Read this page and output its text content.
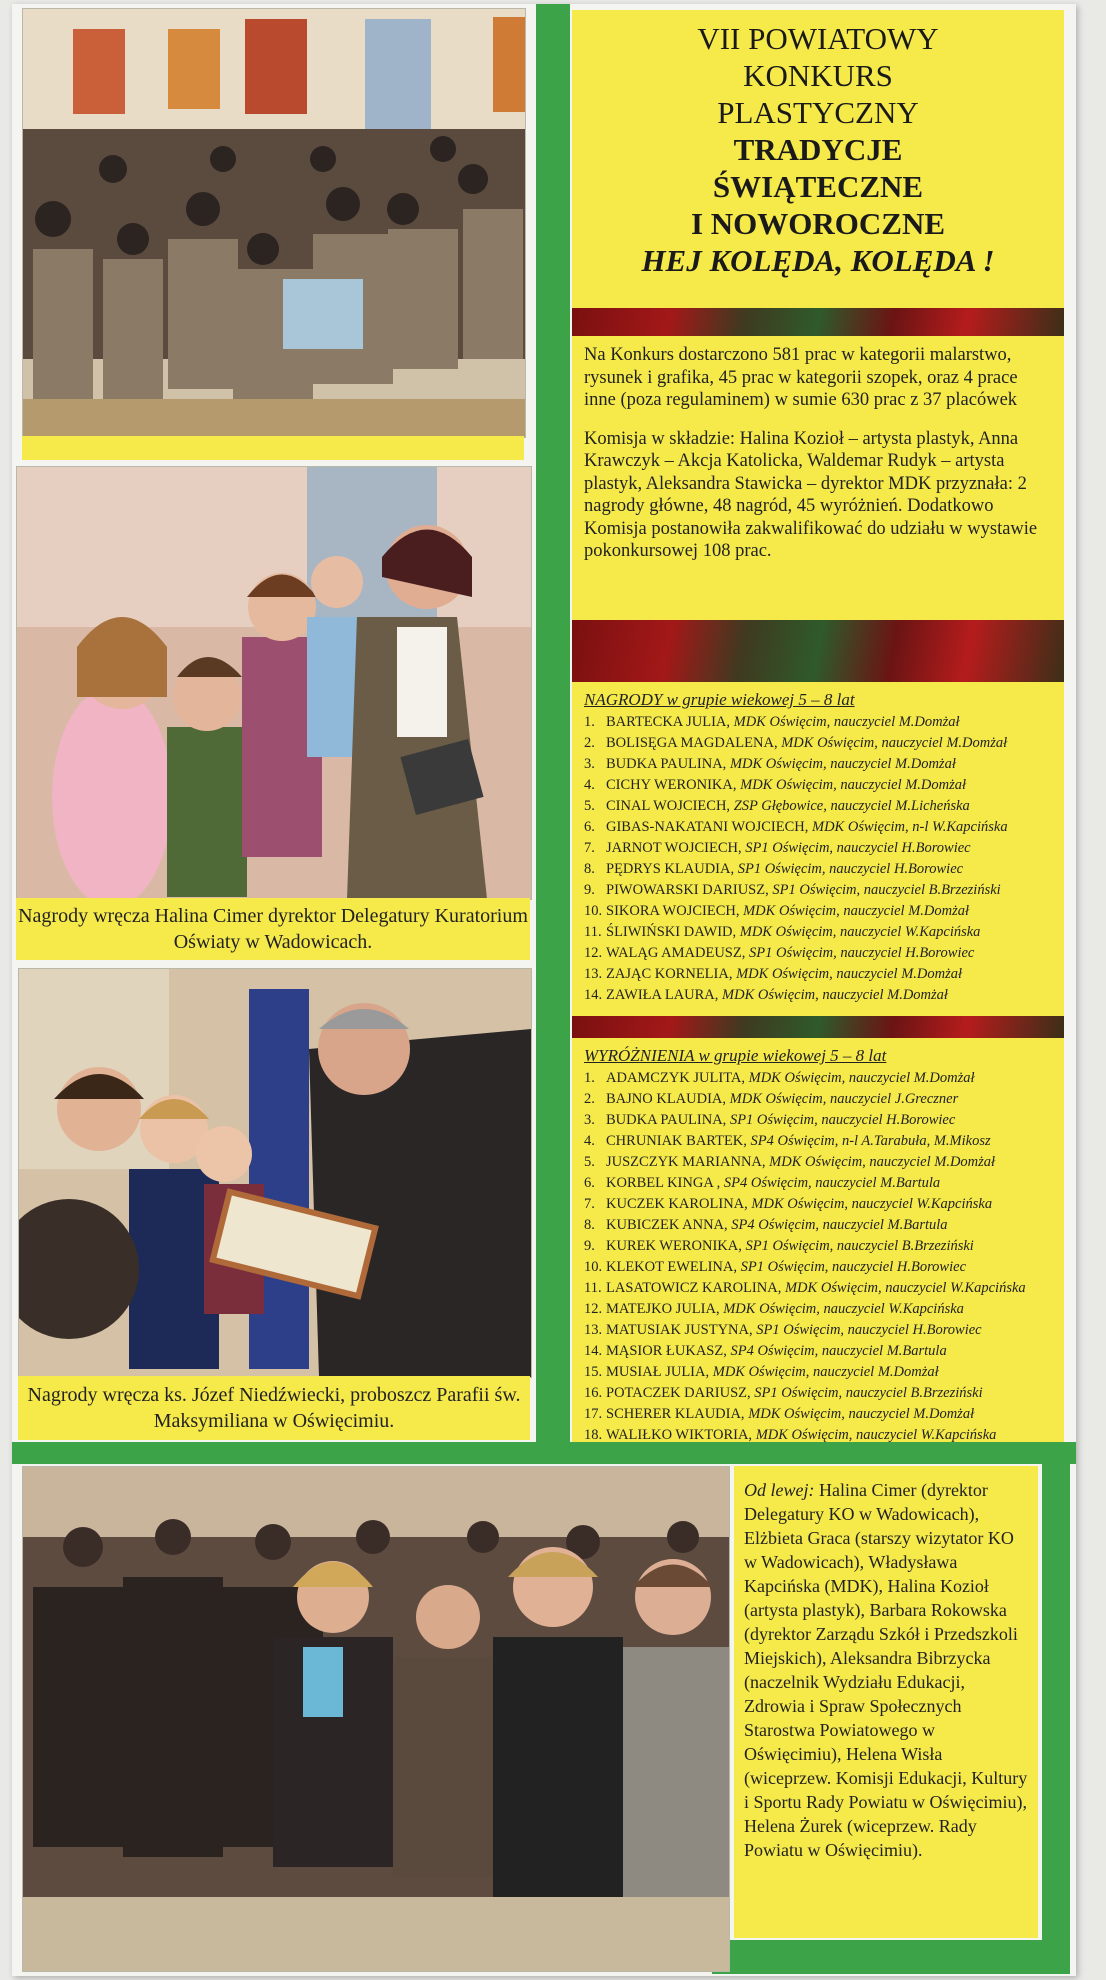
Nagrody wręcza Halina Cimer dyrektor Delegatury Kuratorium Oświaty w Wadowicach.
Nagrody wręcza ks. Józef Niedźwiecki, proboszcz Parafii św. Maksymiliana w Oświęcimiu.
VII POWIATOWY
KONKURS
PLASTYCZNY
TRADYCJE
ŚWIĄTECZNE
I NOWOROCZNE
HEJ KOLĘDA, KOLĘDA !

Na Konkurs dostarczono 581 prac w kategorii malarstwo, rysunek i grafika, 45 prac w kategorii szopek, oraz 4 prace inne (poza regulaminem) w sumie 630 prac z 37 placówek

Komisja w składzie: Halina Kozioł – artysta plastyk, Anna Krawczyk – Akcja Katolicka, Waldemar Rudyk – artysta plastyk, Aleksandra Stawicka – dyrektor MDK przyznała: 2 nagrody główne, 48 nagród, 45 wyróżnień. Dodatkowo Komisja postanowiła zakwalifikować do udziału w wystawie pokonkursowej 108 prac.

NAGRODY w grupie wiekowej 5 – 8 lat
1. BARTECKA JULIA, MDK Oświęcim, nauczyciel M.Domżał
2. BOLISĘGA MAGDALENA, MDK Oświęcim, nauczyciel M.Domżał
3. BUDKA PAULINA, MDK Oświęcim, nauczyciel M.Domżał
4. CICHY WERONIKA, MDK Oświęcim, nauczyciel M.Domżał
5. CINAL WOJCIECH, ZSP Głębowice, nauczyciel M.Licheńska
6. GIBAS-NAKATANI WOJCIECH, MDK Oświęcim, n-l W.Kapcińska
7. JARNOT WOJCIECH, SP1 Oświęcim, nauczyciel H.Borowiec
8. PĘDRYS KLAUDIA, SP1 Oświęcim, nauczyciel H.Borowiec
9. PIWOWARSKI DARIUSZ, SP1 Oświęcim, nauczyciel B.Brzeziński
10. SIKORA WOJCIECH, MDK Oświęcim, nauczyciel M.Domżał
11. ŚLIWIŃSKI DAWID, MDK Oświęcim, nauczyciel W.Kapcińska
12. WALĄG AMADEUSZ, SP1 Oświęcim, nauczyciel H.Borowiec
13. ZAJĄC KORNELIA, MDK Oświęcim, nauczyciel M.Domżał
14. ZAWIŁA LAURA, MDK Oświęcim, nauczyciel M.Domżał
WYRÓŻNIENIA w grupie wiekowej 5 – 8 lat
1. ADAMCZYK JULITA, MDK Oświęcim, nauczyciel M.Domżał
2. BAJNO KLAUDIA, MDK Oświęcim, nauczyciel J.Greczner
3. BUDKA PAULINA, SP1 Oświęcim, nauczyciel H.Borowiec
4. CHRUNIAK BARTEK, SP4 Oświęcim, n-l A.Tarabuła, M.Mikosz
5. JUSZCZYK MARIANNA, MDK Oświęcim, nauczyciel M.Domżał
6. KORBEL KINGA , SP4 Oświęcim, nauczyciel M.Bartula
7. KUCZEK KAROLINA, MDK Oświęcim, nauczyciel W.Kapcińska
8. KUBICZEK ANNA, SP4 Oświęcim, nauczyciel M.Bartula
9. KUREK WERONIKA, SP1 Oświęcim, nauczyciel B.Brzeziński
10. KLEKOT EWELINA, SP1 Oświęcim, nauczyciel H.Borowiec
11. LASATOWICZ KAROLINA, MDK Oświęcim, nauczyciel W.Kapcińska
12. MATEJKO JULIA, MDK Oświęcim, nauczyciel W.Kapcińska
13. MATUSIAK JUSTYNA, SP1 Oświęcim, nauczyciel H.Borowiec
14. MĄSIOR ŁUKASZ, SP4 Oświęcim, nauczyciel M.Bartula
15. MUSIAŁ JULIA, MDK Oświęcim, nauczyciel M.Domżał
16. POTACZEK DARIUSZ, SP1 Oświęcim, nauczyciel B.Brzeziński
17. SCHERER KLAUDIA, MDK Oświęcim, nauczyciel M.Domżał
18. WALIŁKO WIKTORIA, MDK Oświęcim, nauczyciel W.Kapcińska
Od lewej: Halina Cimer (dyrektor Delegatury KO w Wadowicach), Elżbieta Graca (starszy wizytator KO w Wadowicach), Władysława Kapcińska (MDK), Halina Kozioł (artysta plastyk), Barbara Rokowska (dyrektor Zarządu Szkół i Przedszkoli Miejskich), Aleksandra Bibrzycka (naczelnik Wydziału Edukacji, Zdrowia i Spraw Społecznych Starostwa Powiatowego w Oświęcimiu), Helena Wisła (wiceprzew. Komisji Edukacji, Kultury i Sportu Rady Powiatu w Oświęcimiu), Helena Żurek (wiceprzew. Rady Powiatu w Oświęcimiu).
